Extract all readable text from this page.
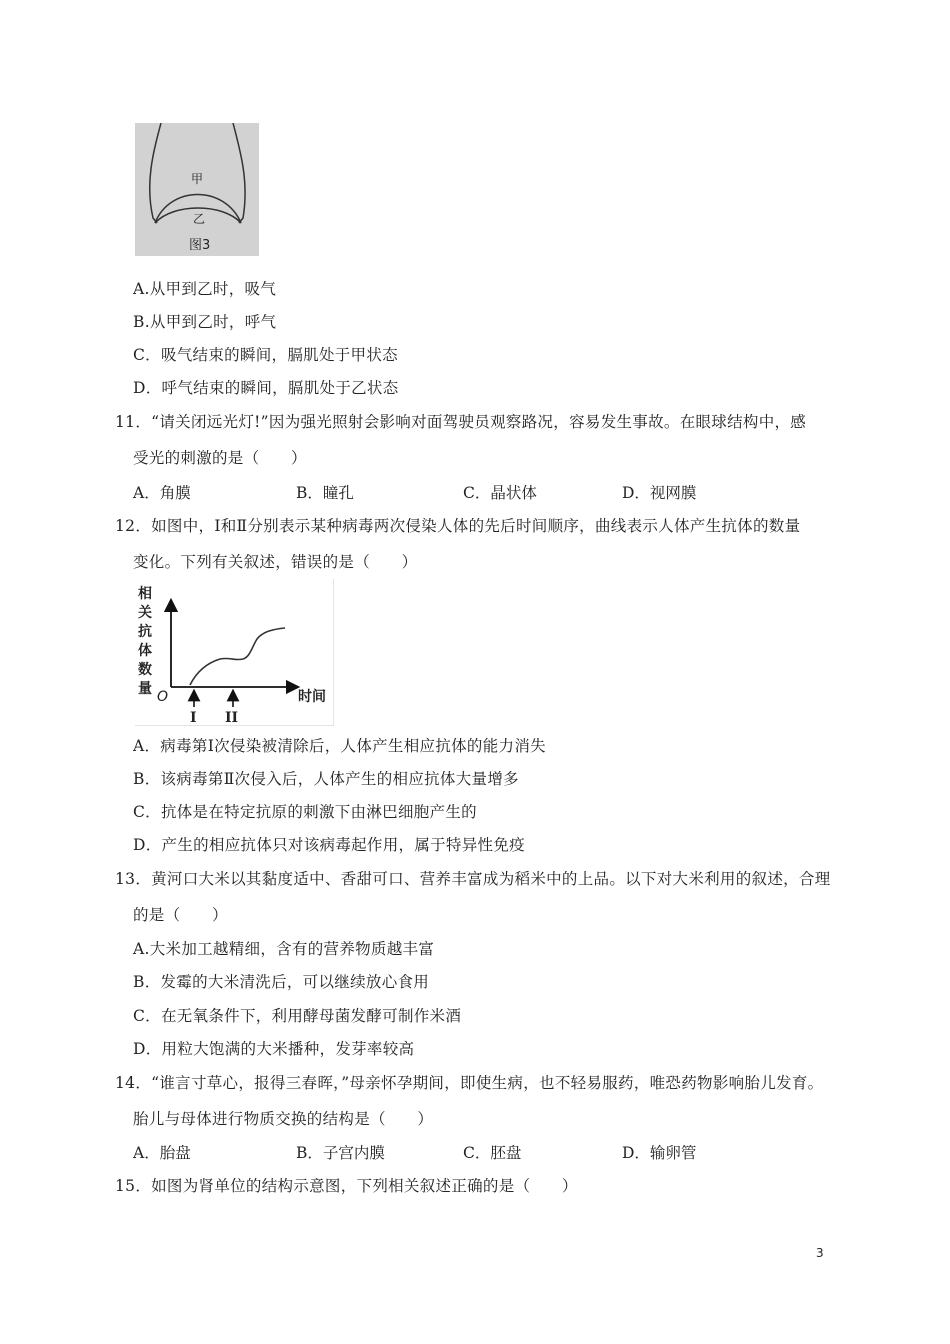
甲
乙
图3
A.从甲到乙时，吸气
B.从甲到乙时，呼气
C．吸气结束的瞬间，膈肌处于甲状态
D．呼气结束的瞬间，膈肌处于乙状态
11．“请关闭远光灯!”因为强光照射会影响对面驾驶员观察路况，容易发生事故。在眼球结构中，感
受光的刺激的是（　　）
A．角膜	B．瞳孔	C．晶状体	D．视网膜
12．如图中，Ⅰ和Ⅱ分别表示某种病毒两次侵染人体的先后时间顺序，曲线表示人体产生抗体的数量
变化。下列有关叙述，错误的是（　　）
相
关
抗
体
数
量 O	时间
I II
A．病毒第Ⅰ次侵染被清除后，人体产生相应抗体的能力消失
B．该病毒第Ⅱ次侵入后，人体产生的相应抗体大量增多
C．抗体是在特定抗原的刺激下由淋巴细胞产生的
D．产生的相应抗体只对该病毒起作用，属于特异性免疫
13．黄河口大米以其黏度适中、香甜可口、营养丰富成为稻米中的上品。以下对大米利用的叙述，合理
的是（　　）
A.大米加工越精细，含有的营养物质越丰富
B．发霉的大米清洗后，可以继续放心食用
C．在无氧条件下，利用酵母菌发酵可制作米酒
D．用粒大饱满的大米播种，发芽率较高
14．“谁言寸草心，报得三春晖，”母亲怀孕期间，即使生病，也不轻易服药，唯恐药物影响胎儿发育。
胎儿与母体进行物质交换的结构是（　　）
A．胎盘	B．子宫内膜	C．胚盘	D．输卵管
15．如图为肾单位的结构示意图，下列相关叙述正确的是（　　）
3
